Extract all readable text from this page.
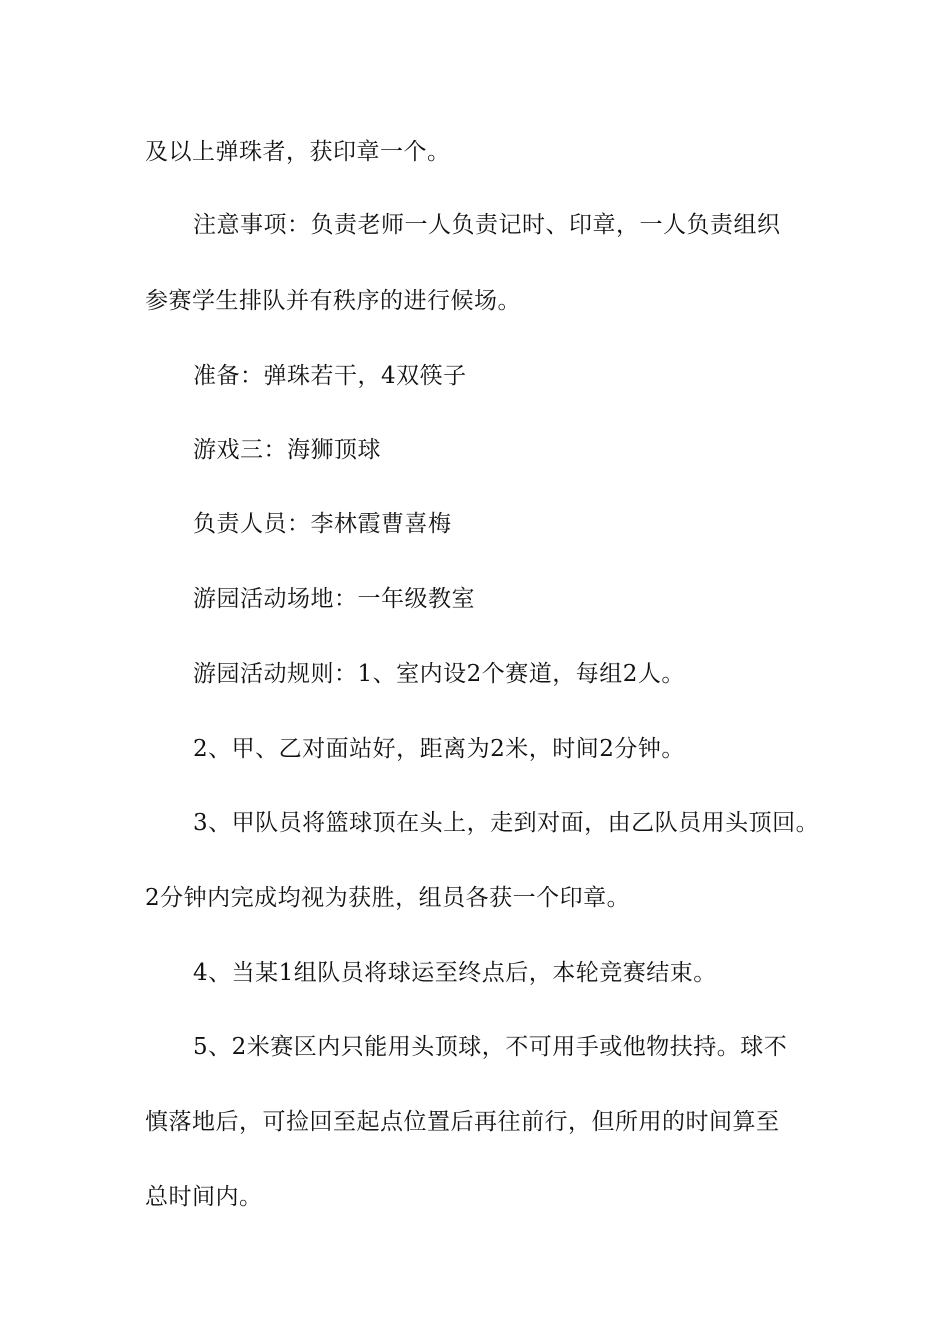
及以上弹珠者，获印章一个。
注意事项：负责老师一人负责记时、印章，一人负责组织
参赛学生排队并有秩序的进行候场。
准备：弹珠若干，4双筷子
游戏三：海狮顶球
负责人员：李林霞曹喜梅
游园活动场地：一年级教室
游园活动规则：1、室内设2个赛道，每组2人。
2、甲、乙对面站好，距离为2米，时间2分钟。
3、甲队员将篮球顶在头上，走到对面，由乙队员用头顶回。
2分钟内完成均视为获胜，组员各获一个印章。
4、当某1组队员将球运至终点后，本轮竞赛结束。
5、2米赛区内只能用头顶球，不可用手或他物扶持。球不
慎落地后，可捡回至起点位置后再往前行，但所用的时间算至
总时间内。
